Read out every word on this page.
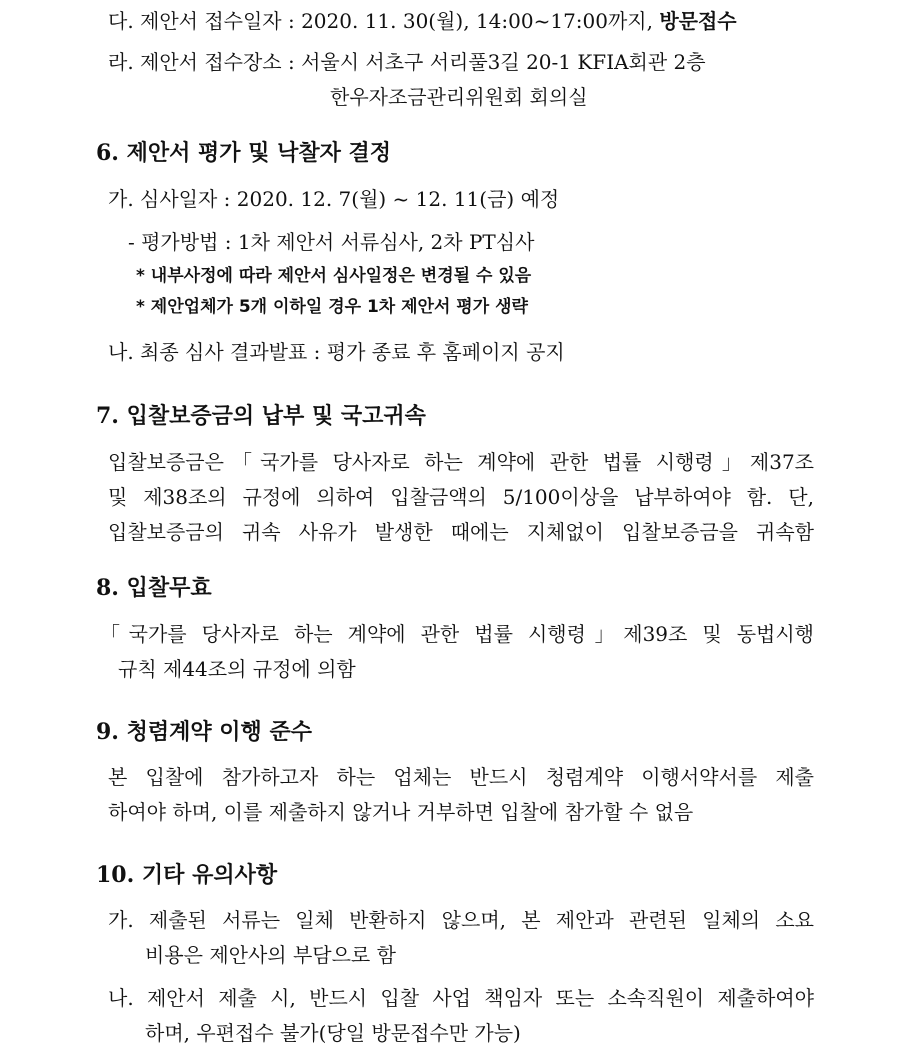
다. 제안서 접수일자 : 2020. 11. 30(월), 14:00~17:00까지, 방문접수
라. 제안서 접수장소 : 서울시 서초구 서리풀3길 20-1 KFIA회관 2층
한우자조금관리위원회 회의실
6. 제안서 평가 및 낙찰자 결정
가. 심사일자 : 2020. 12. 7(월) ~ 12. 11(금) 예정
- 평가방법 : 1차 제안서 서류심사, 2차 PT심사
* 내부사정에 따라 제안서 심사일정은 변경될 수 있음
* 제안업체가 5개 이하일 경우 1차 제안서 평가 생략
나. 최종 심사 결과발표 : 평가 종료 후 홈페이지 공지
7. 입찰보증금의 납부 및 국고귀속
입찰보증금은「국가를 당사자로 하는 계약에 관한 법률 시행령」제37조
및 제38조의 규정에 의하여 입찰금액의 5/100이상을 납부하여야 함. 단,
입찰보증금의 귀속 사유가 발생한 때에는 지체없이 입찰보증금을 귀속함
8. 입찰무효
「국가를 당사자로 하는 계약에 관한 법률 시행령」제39조 및 동법시행
규칙 제44조의 규정에 의함
9. 청렴계약 이행 준수
본 입찰에 참가하고자 하는 업체는 반드시 청렴계약 이행서약서를 제출
하여야 하며, 이를 제출하지 않거나 거부하면 입찰에 참가할 수 없음
10. 기타 유의사항
가. 제출된 서류는 일체 반환하지 않으며, 본 제안과 관련된 일체의 소요
비용은 제안사의 부담으로 함
나. 제안서 제출 시, 반드시 입찰 사업 책임자 또는 소속직원이 제출하여야
하며, 우편접수 불가(당일 방문접수만 가능)
